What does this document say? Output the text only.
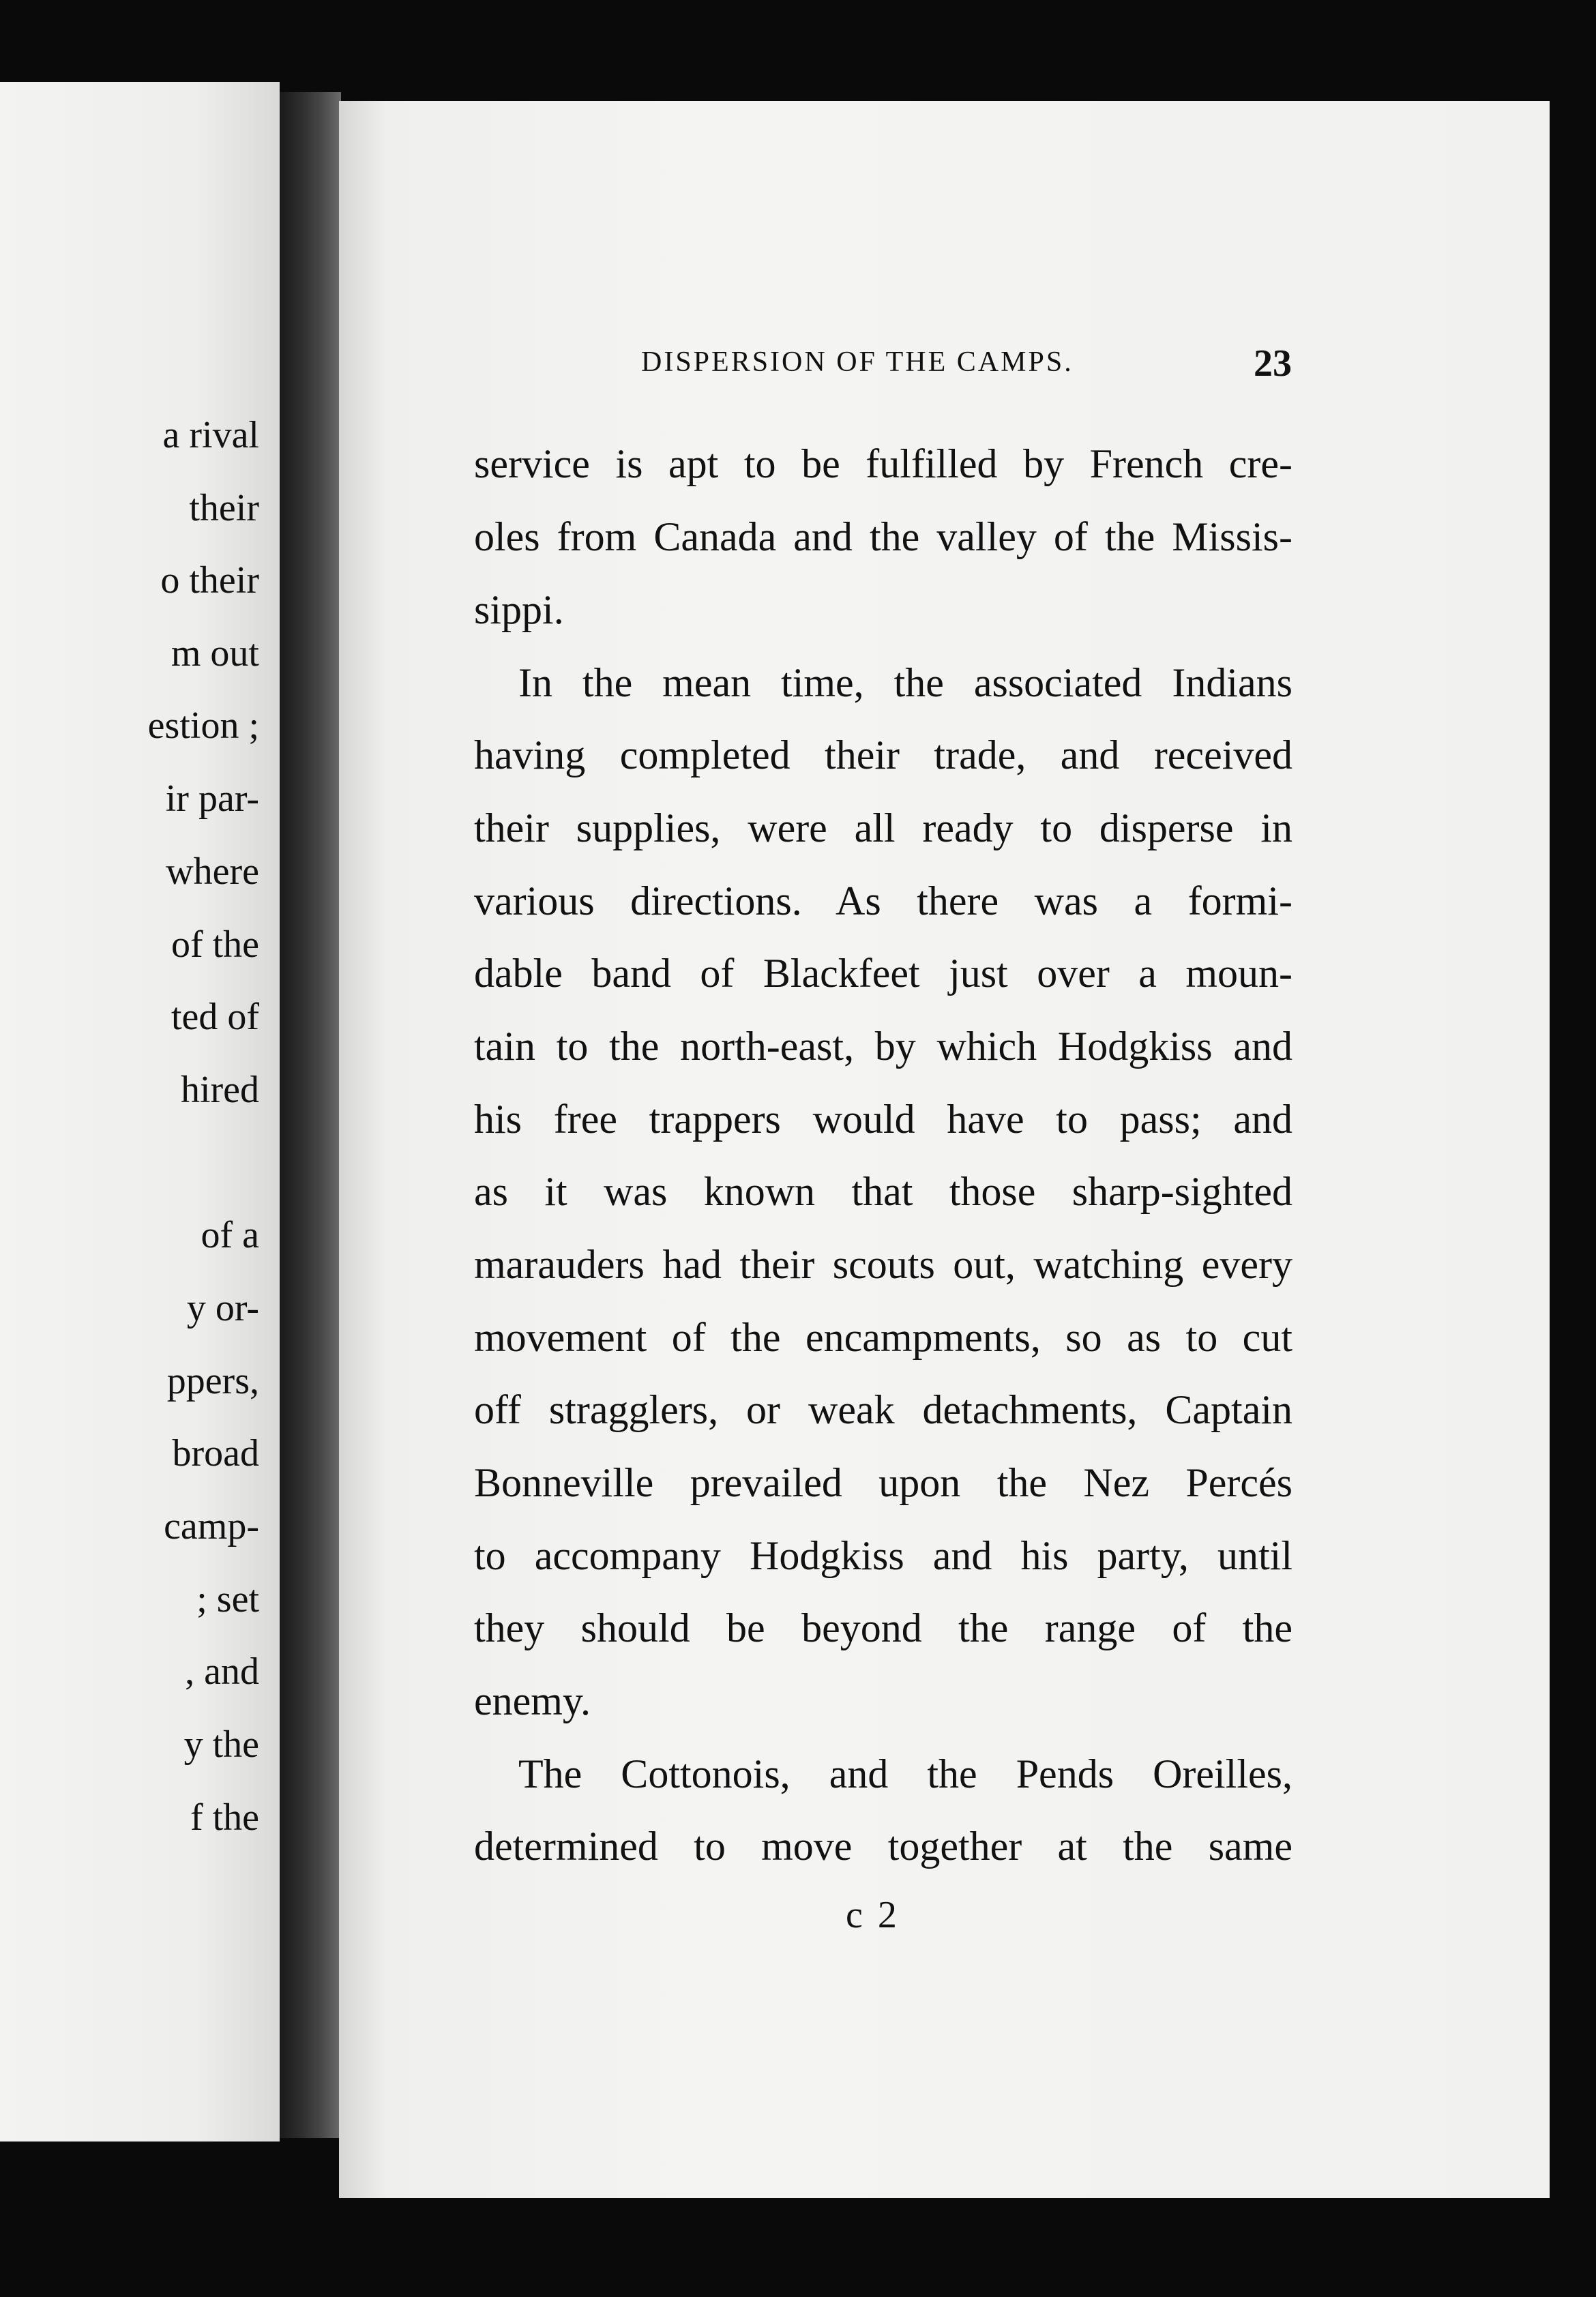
a rival
their
o their
m out
estion ;
ir par-
where
of the
ted of
hired
of a
y or-
ppers,
broad
camp-
; set
, and
y the
f the
DISPERSION OF THE CAMPS.	23
service is apt to be fulfilled by French cre-
oles from Canada and the valley of the Missis-
sippi.
In the mean time, the associated Indians
having completed their trade, and received
their supplies, were all ready to disperse in
various directions. As there was a formi-
dable band of Blackfeet just over a moun-
tain to the north-east, by which Hodgkiss and
his free trappers would have to pass; and
as it was known that those sharp-sighted
marauders had their scouts out, watching every
movement of the encampments, so as to cut
off stragglers, or weak detachments, Captain
Bonneville prevailed upon the Nez Percés
to accompany Hodgkiss and his party, until
they should be beyond the range of the
enemy.
The Cottonois, and the Pends Oreilles,
determined to move together at the same
c 2
